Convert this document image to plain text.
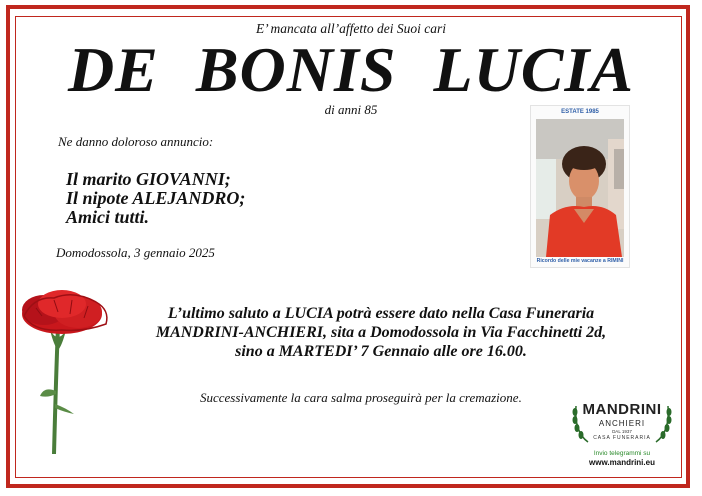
E’ mancata all’affetto dei Suoi cari
DE BONIS LUCIA
di anni 85
Ne danno doloroso annuncio:
Il marito GIOVANNI;
Il nipote ALEJANDRO;
Amici tutti.
Domodossola, 3 gennaio 2025
L’ultimo saluto a LUCIA potrà essere dato nella Casa Funeraria
MANDRINI-ANCHIERI, sita a Domodossola in Via Facchinetti 2d,
sino a MARTEDI’ 7 Gennaio alle ore 16.00.
Successivamente la cara salma proseguirà per la cremazione.
ESTATE 1985
Ricordo delle mie vacanze a RIMINI
MANDRINI
ANCHIERI
DAL 1937
CASA FUNERARIA
Invio telegrammi su
www.mandrini.eu
